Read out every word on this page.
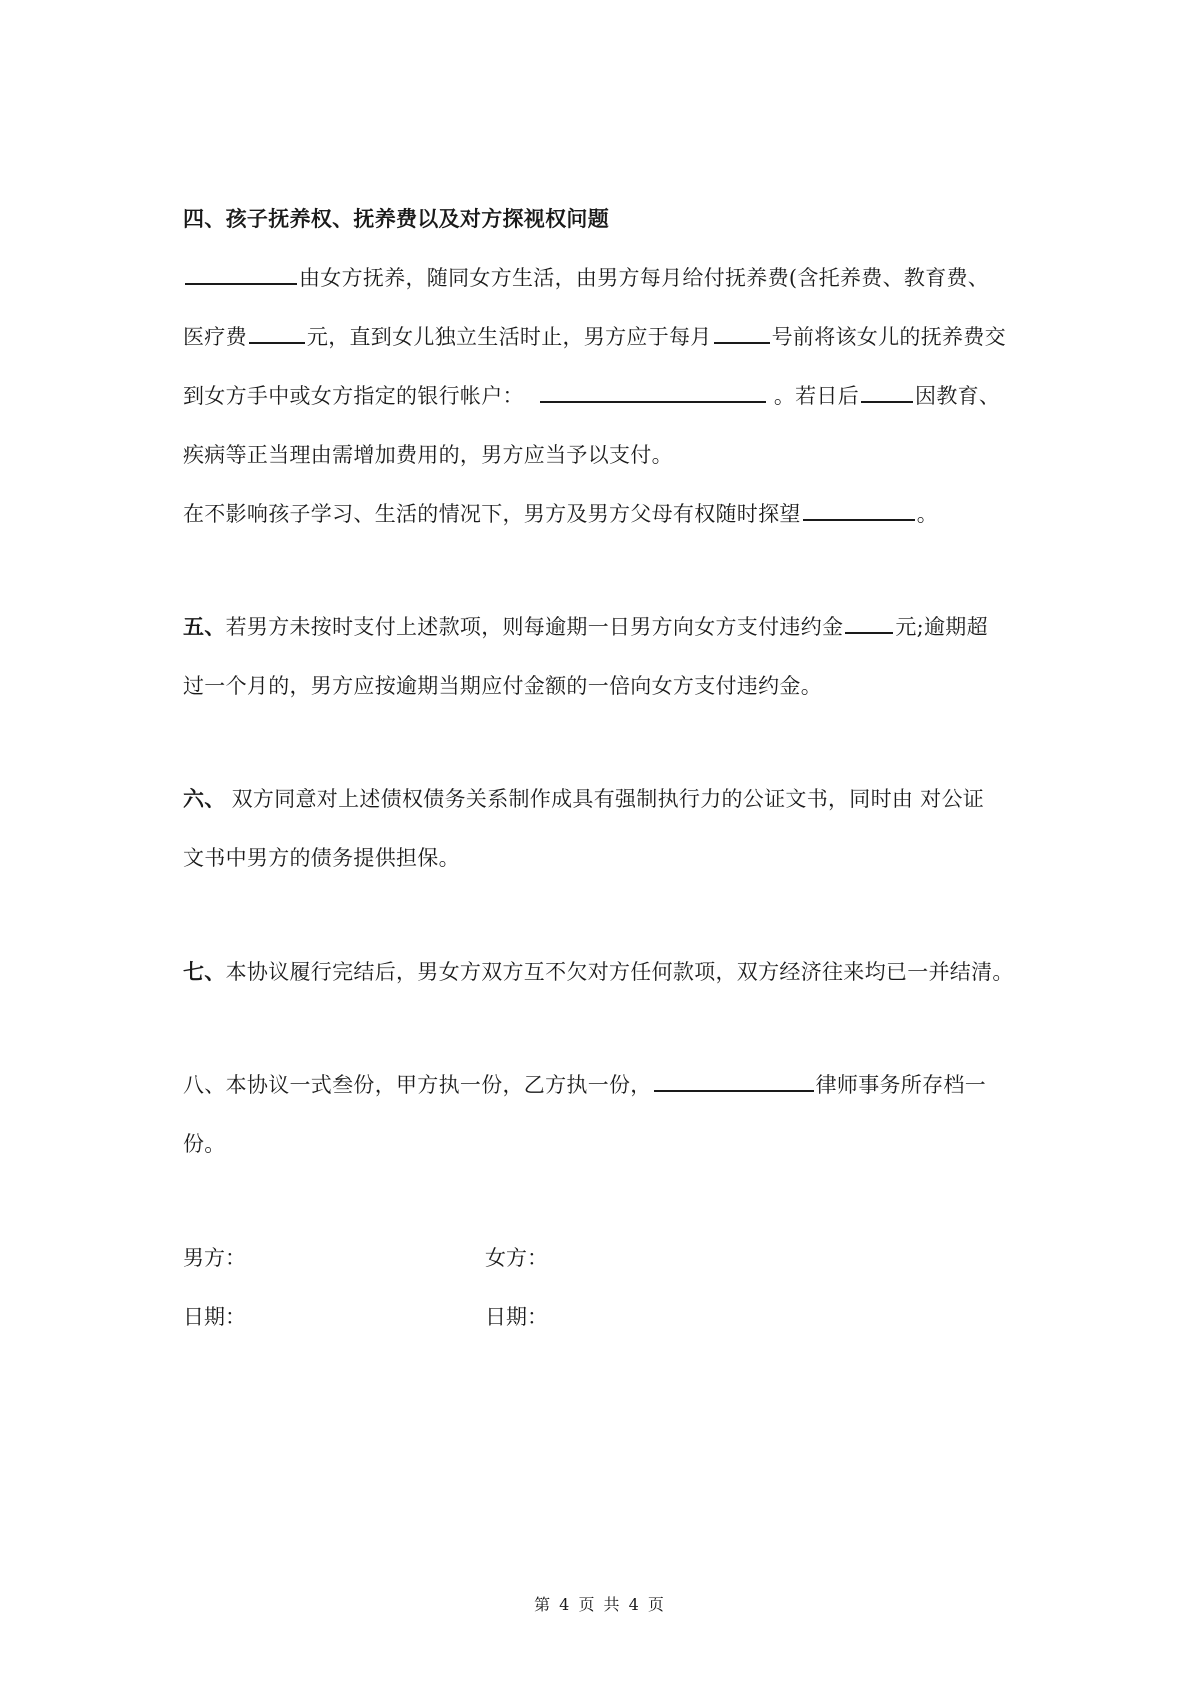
四、孩子抚养权、抚养费以及对方探视权问题
由女方抚养，随同女方生活，由男方每月给付抚养费(含托养费、教育费、
医疗费	元，直到女儿独立生活时止，男方应于每月	号前将该女儿的抚养费交
到女方手中或女方指定的银行帐户：	。若日后	因教育、
疾病等正当理由需增加费用的，男方应当予以支付。
在不影响孩子学习、生活的情况下，男方及男方父母有权随时探望	。
五、若男方未按时支付上述款项，则每逾期一日男方向女方支付违约金 元;逾期超
过一个月的，男方应按逾期当期应付金额的一倍向女方支付违约金。
六、 双方同意对上述债权债务关系制作成具有强制执行力的公证文书，同时由 对公证
文书中男方的债务提供担保。
七、本协议履行完结后，男女方双方互不欠对方任何款项，双方经济往来均已一并结清。
八、本协议一式叁份，甲方执一份，乙方执一份，	律师事务所存档一
份。
男方：	女方：
日期：	日期：
第 4 页 共 4 页
